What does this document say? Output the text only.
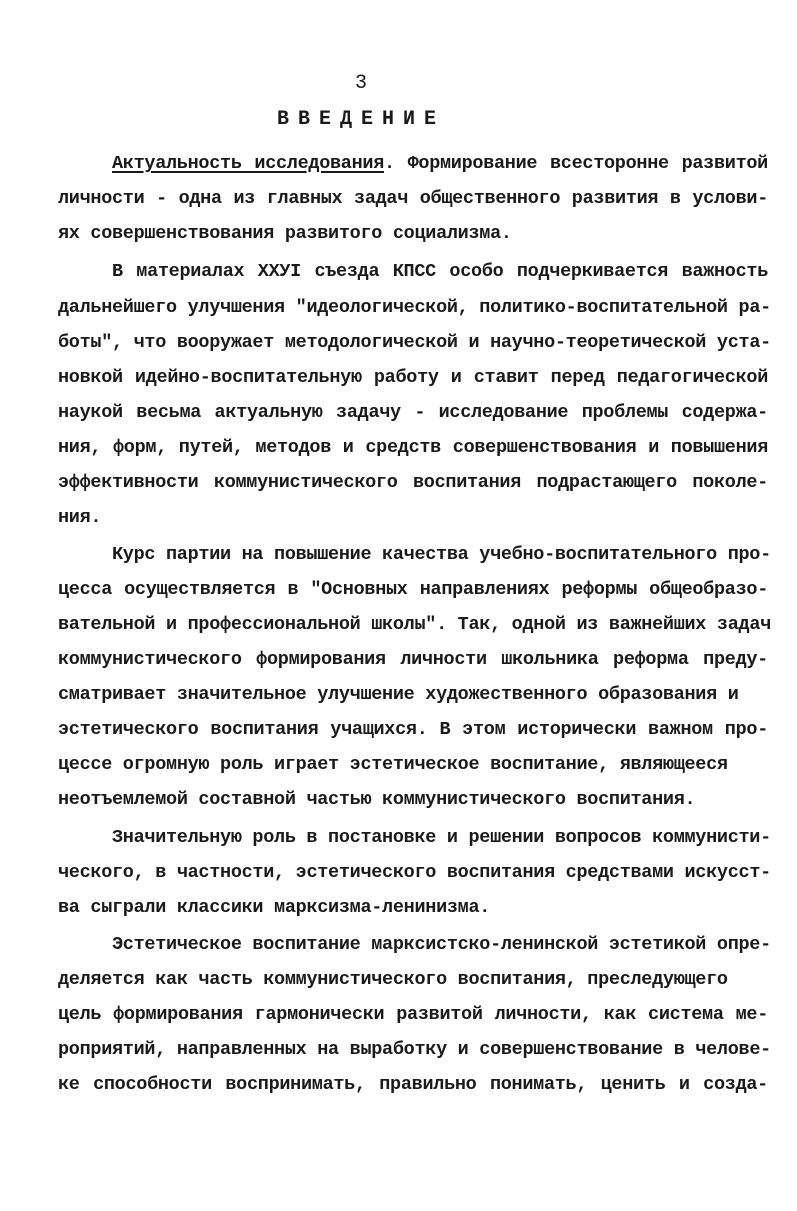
3
ВВЕДЕНИЕ
Актуальность исследования. Формирование всесторонне развитой
личности - одна из главных задач общественного развития в услови-
ях совершенствования развитого социализма.
В материалах ХХУI съезда КПСС особо подчеркивается важность
дальнейшего улучшения "идеологической, политико-воспитательной ра-
боты", что вооружает методологической и научно-теоретической уста-
новкой идейно-воспитательную работу и ставит перед педагогической
наукой весьма актуальную задачу - исследование проблемы содержа-
ния, форм, путей, методов и средств совершенствования и повышения
эффективности коммунистического воспитания подрастающего поколе-
ния.
Курс партии на повышение качества учебно-воспитательного про-
цесса осуществляется в "Основных направлениях реформы общеобразо-
вательной и профессиональной школы". Так, одной из важнейших задач
коммунистического формирования личности школьника реформа преду-
сматривает значительное улучшение художественного образования и
эстетического воспитания учащихся. В этом исторически важном про-
цессе огромную роль играет эстетическое воспитание, являющееся
неотъемлемой составной частью коммунистического воспитания.
Значительную роль в постановке и решении вопросов коммунисти-
ческого, в частности, эстетического воспитания средствами искусст-
ва сыграли классики марксизма-ленинизма.
Эстетическое воспитание марксистско-ленинской эстетикой опре-
деляется как часть коммунистического воспитания, преследующего
цель формирования гармонически развитой личности, как система ме-
роприятий, направленных на выработку и совершенствование в челове-
ке способности воспринимать, правильно понимать, ценить и созда-
